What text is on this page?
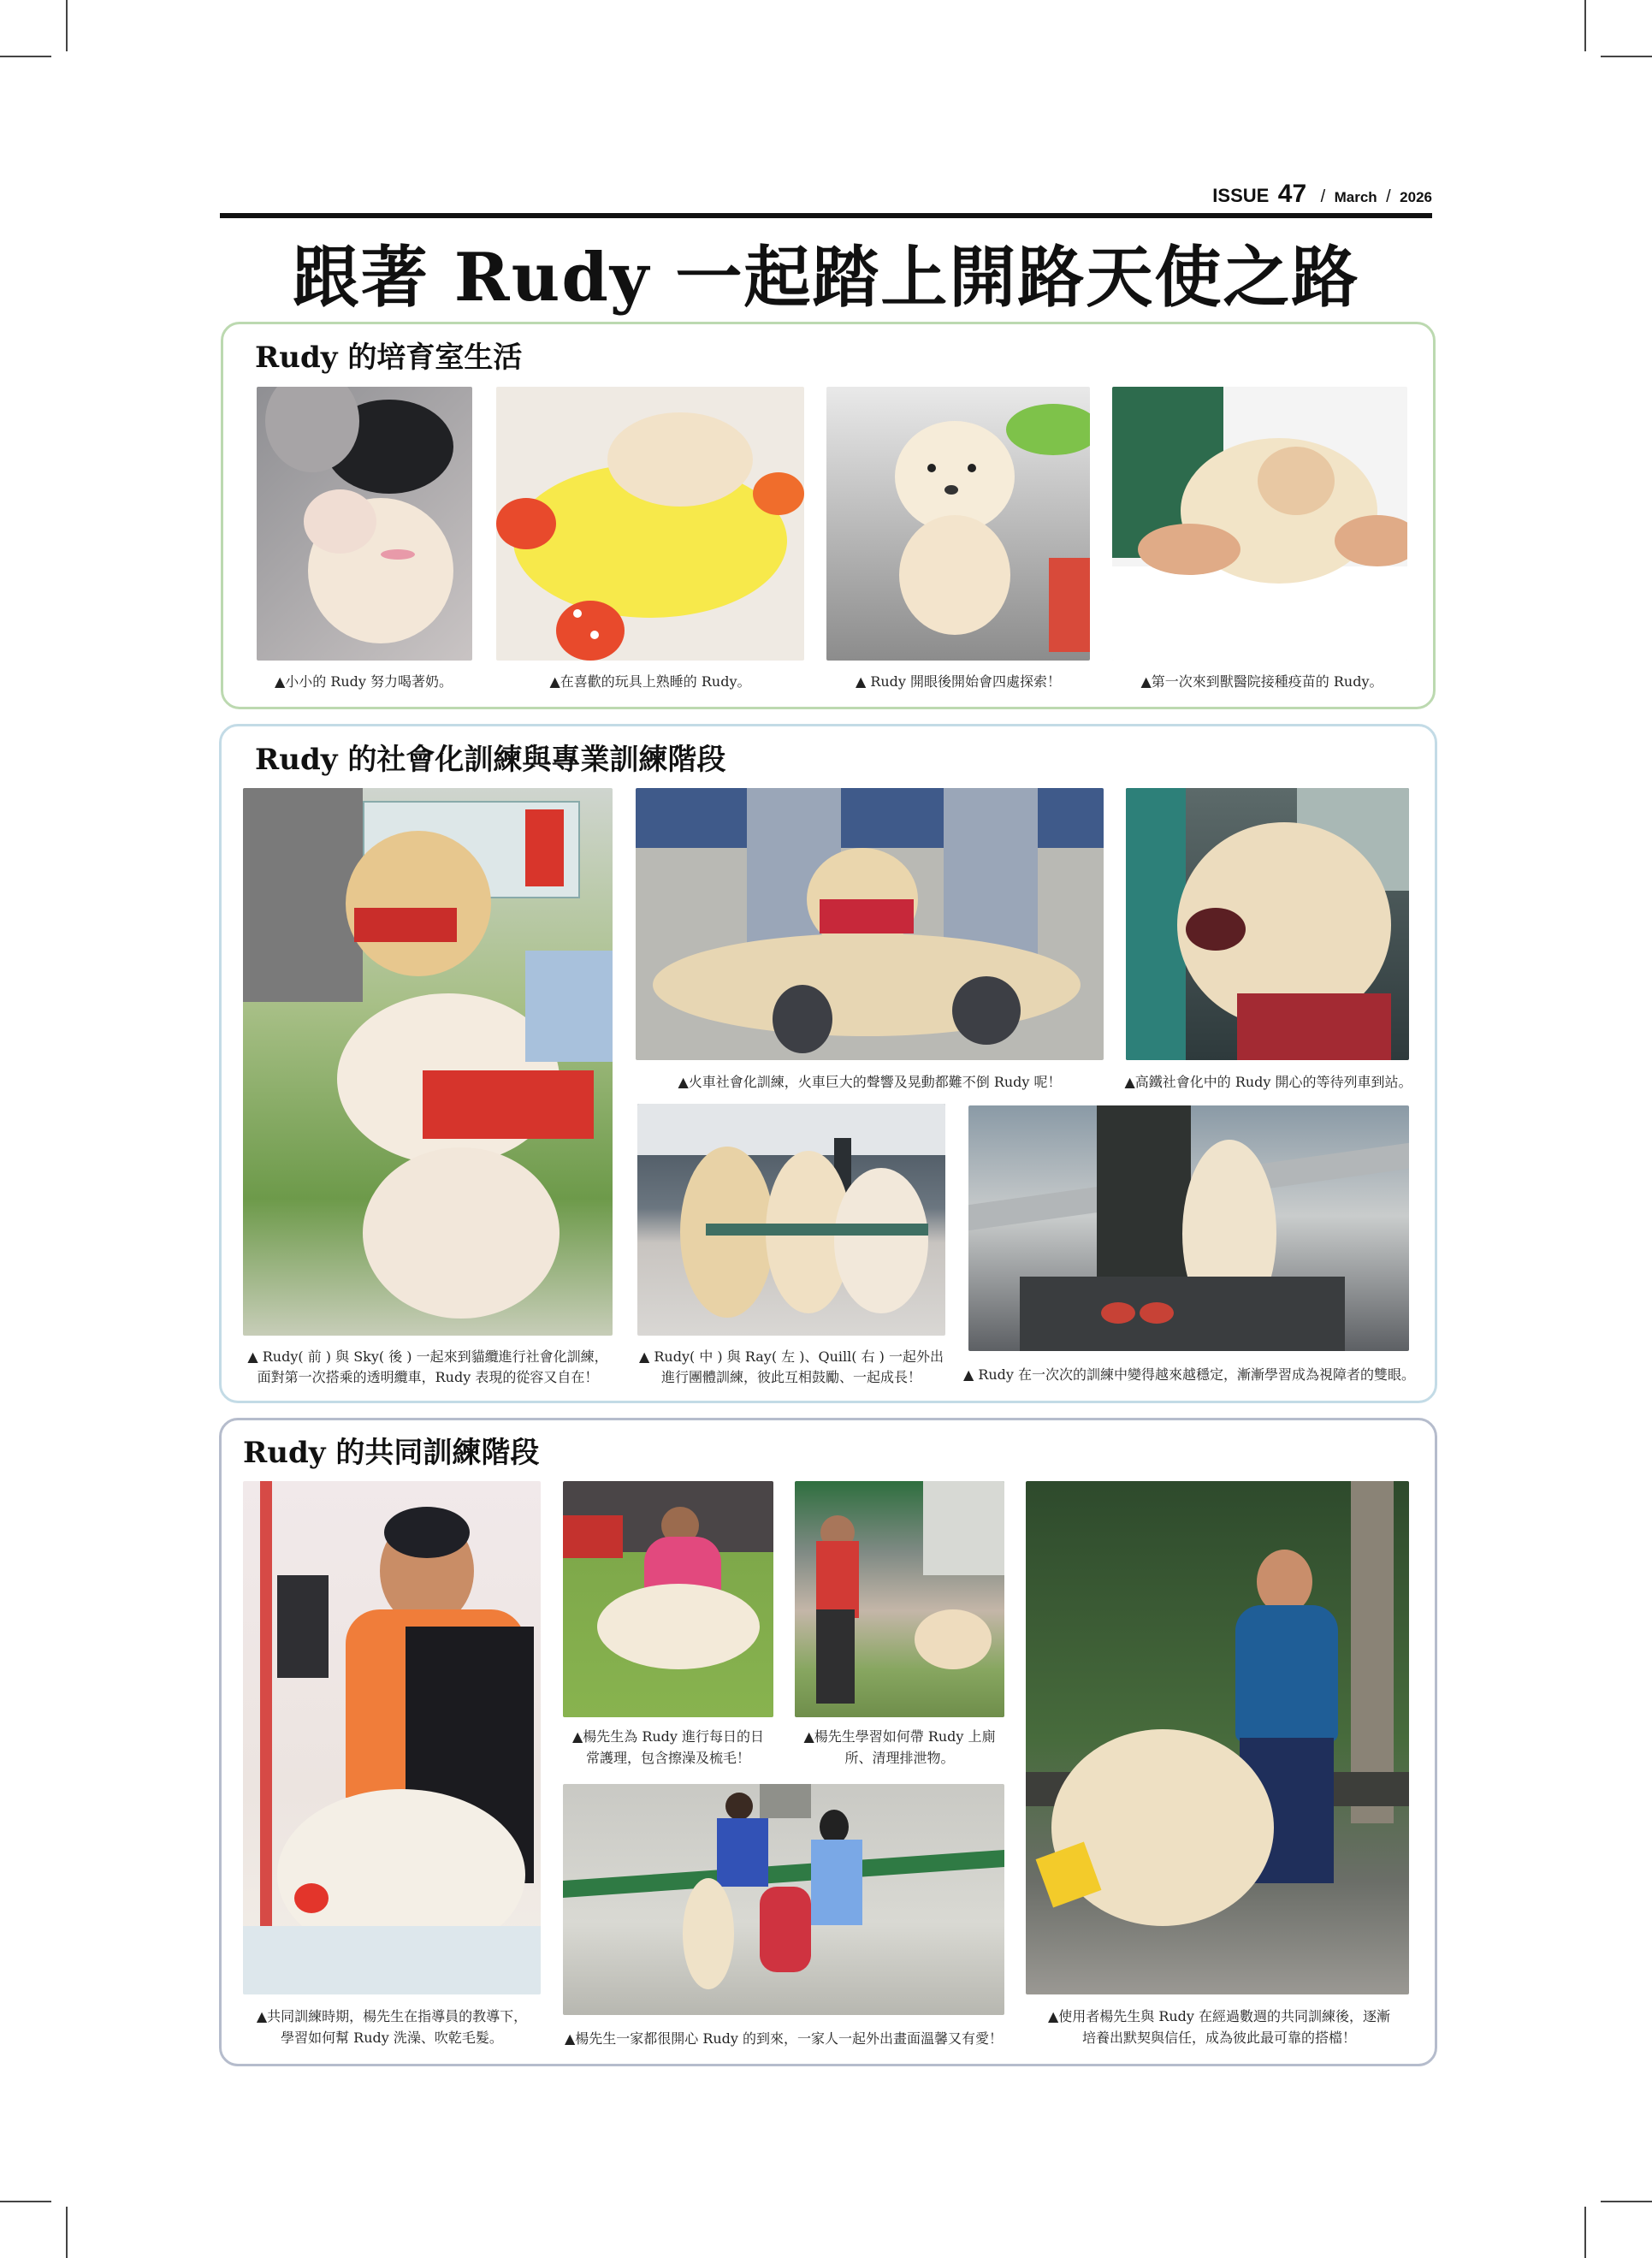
ISSUE 47 / March / 2026
跟著 Rudy 一起踏上開路天使之路
Rudy 的培育室生活
▲小小的 Rudy 努力喝著奶。	▲在喜歡的玩具上熟睡的 Rudy。	▲ Rudy 開眼後開始會四處探索！	▲第一次來到獸醫院接種疫苗的 Rudy。
Rudy 的社會化訓練與專業訓練階段
▲火車社會化訓練，火車巨大的聲響及晃動都難不倒 Rudy 呢！	▲高鐵社會化中的 Rudy 開心的等待列車到站。
▲ Rudy( 前 ) 與 Sky( 後 ) 一起來到貓纜進行社會化訓練，
面對第一次搭乘的透明纜車，Rudy 表現的從容又自在！
▲ Rudy( 中 ) 與 Ray( 左 )、Quill( 右 ) 一起外出
進行團體訓練，彼此互相鼓勵、一起成長！	▲ Rudy 在一次次的訓練中變得越來越穩定，漸漸學習成為視障者的雙眼。
Rudy 的共同訓練階段
▲楊先生為 Rudy 進行每日的日
常護理，包含擦澡及梳毛！
▲楊先生學習如何帶 Rudy 上廁
所、清理排泄物。
▲共同訓練時期，楊先生在指導員的教導下，
學習如何幫 Rudy 洗澡、吹乾毛髮。	▲楊先生一家都很開心 Rudy 的到來，一家人一起外出畫面溫馨又有愛！
▲使用者楊先生與 Rudy 在經過數週的共同訓練後，逐漸
培養出默契與信任，成為彼此最可靠的搭檔！
